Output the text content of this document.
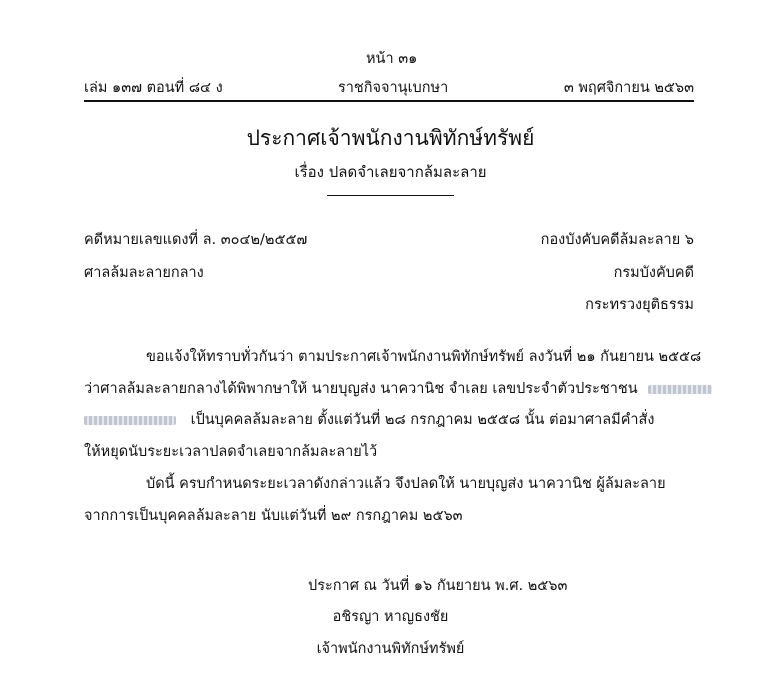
หน้า ๓๑
เล่ม ๑๓๗ ตอนที่ ๘๔ ง	ราชกิจจานุเบกษา	๓ พฤศจิกายน ๒๕๖๓
ประกาศเจ้าพนักงานพิทักษ์ทรัพย์
เรื่อง ปลดจำเลยจากล้มละลาย
คดีหมายเลขแดงที่ ล. ๓๐๔๒/๒๕๕๗	กองบังคับคดีล้มละลาย ๖
ศาลล้มละลายกลาง	กรมบังคับคดี
กระทรวงยุติธรรม
ขอแจ้งให้ทราบทั่วกันว่า ตามประกาศเจ้าพนักงานพิทักษ์ทรัพย์ ลงวันที่ ๒๑ กันยายน ๒๕๕๘
ว่าศาลล้มละลายกลางได้พิพากษาให้ นายบุญส่ง นาควานิช จำเลย เลขประจำตัวประชาชน
เป็นบุคคลล้มละลาย ตั้งแต่วันที่ ๒๘ กรกฎาคม ๒๕๕๘ นั้น ต่อมาศาลมีคำสั่ง
ให้หยุดนับระยะเวลาปลดจำเลยจากล้มละลายไว้
บัดนี้ ครบกำหนดระยะเวลาดังกล่าวแล้ว จึงปลดให้ นายบุญส่ง นาควานิช ผู้ล้มละลาย
จากการเป็นบุคคลล้มละลาย นับแต่วันที่ ๒๙ กรกฎาคม ๒๕๖๓
ประกาศ ณ วันที่ ๑๖ กันยายน พ.ศ. ๒๕๖๓
อชิรญา หาญธงชัย
เจ้าพนักงานพิทักษ์ทรัพย์
